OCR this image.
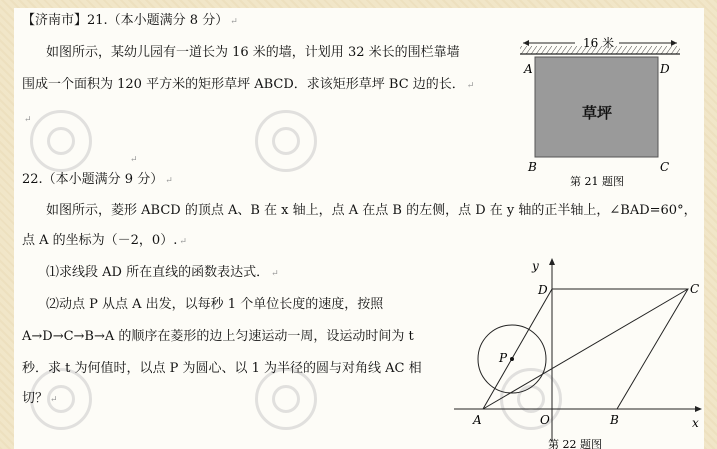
【济南市】21.（本小题满分 8 分） ↵
如图所示，某幼儿园有一道长为 16 米的墙，计划用 32 米长的围栏靠墙
围成一个面积为 120 平方米的矩形草坪 ABCD．求该矩形草坪 BC 边的长． ↵
↵
↵
16 米
草坪
A	D
B	C
第 21 题图
22.（本小题满分 9 分） ↵
如图所示，菱形 ABCD 的顶点 A、B 在 x 轴上，点 A 在点 B 的左侧，点 D 在 y 轴的正半轴上，∠BAD=60°，
点 A 的坐标为（－2，0）. ↵
⑴求线段 AD 所在直线的函数表达式． ↵
⑵动点 P 从点 A 出发，以每秒 1 个单位长度的速度，按照
A→D→C→B→A 的顺序在菱形的边上匀速运动一周，设运动时间为 t
秒．求 t 为何值时，以点 P 为圆心、以 1 为半径的圆与对角线 AC 相
切？ ↵
y
x
D	C
P
A	O	B
第 22 题图
